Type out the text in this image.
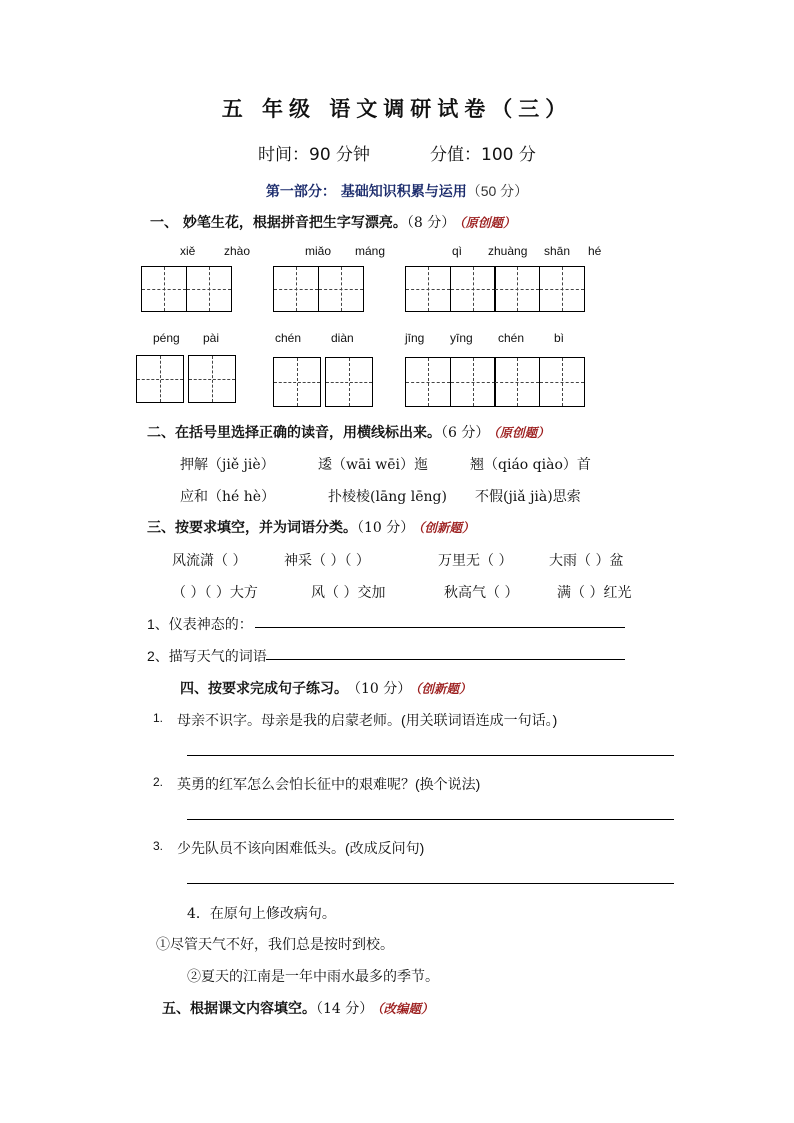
五 年级 语文调研试卷（三）
时间：90 分钟	分值：100 分
第一部分： 基础知识积累与运用（50 分）
一、 妙笔生花，根据拼音把生字写漂亮。（8 分） （原创题）
xiě zhào	miǎo máng	qì zhuàng shān hé
péng pài	chén diàn	jīng yīng chén bì
二、在括号里选择正确的读音，用横线标出来。（6 分） （原创题）
押解（jiě jiè）	逶（wāi wēi）迤	翘（qiáo qiào）首
应和（hé hè）	扑棱棱(lāng lēng) 不假(jiǎ jià)思索
三、按要求填空，并为词语分类。（10 分） （创新题）
风流潇（ ）	神采（ ）（ ）	万里无（ ）	大雨（ ）盆
（ ）（ ）大方	风（ ）交加	秋高气（ ）	满（ ）红光
1、仪表神态的：
2、描写天气的词语
四、按要求完成句子练习。 （10 分） （创新题）
1. 母亲不识字。母亲是我的启蒙老师。(用关联词语连成一句话。)
2. 英勇的红军怎么会怕长征中的艰难呢？(换个说法)
3. 少先队员不该向困难低头。(改成反问句)
4．在原句上修改病句。
①尽管天气不好，我们总是按时到校。
②夏天的江南是一年中雨水最多的季节。
五、根据课文内容填空。（14 分） （改编题）
